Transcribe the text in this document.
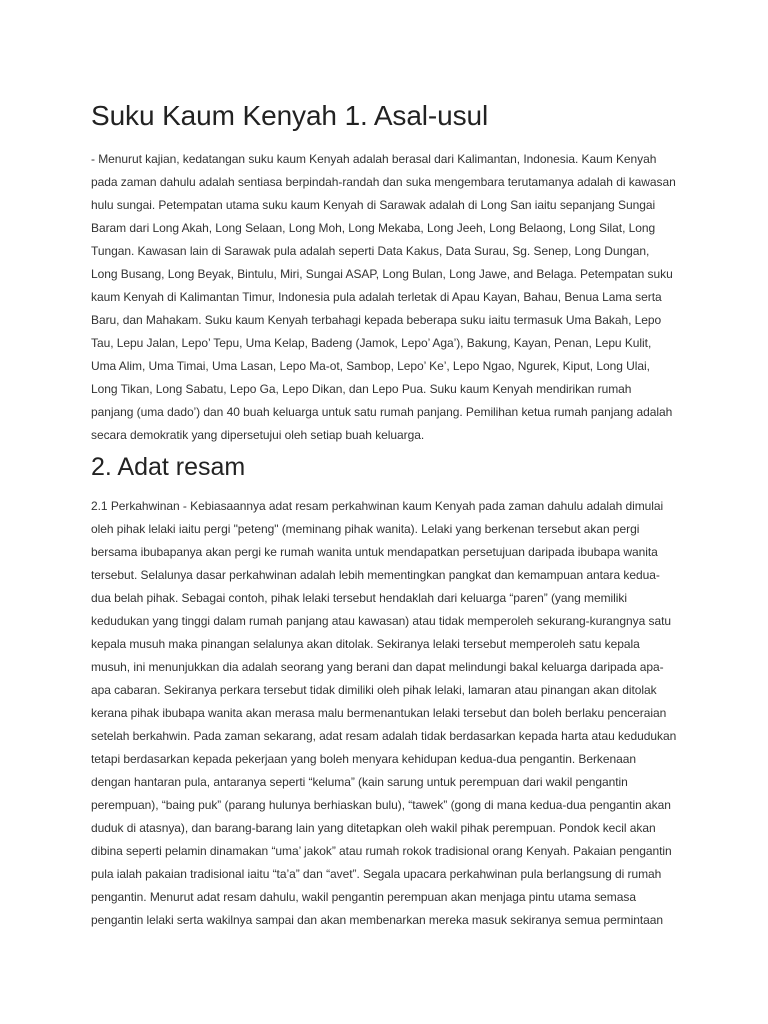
Suku Kaum Kenyah 1. Asal-usul

- Menurut kajian, kedatangan suku kaum Kenyah adalah berasal dari Kalimantan, Indonesia. Kaum Kenyah pada zaman dahulu adalah sentiasa berpindah-randah dan suka mengembara terutamanya adalah di kawasan hulu sungai. Petempatan utama suku kaum Kenyah di Sarawak adalah di Long San iaitu sepanjang Sungai Baram dari Long Akah, Long Selaan, Long Moh, Long Mekaba, Long Jeeh, Long Belaong, Long Silat, Long Tungan. Kawasan lain di Sarawak pula adalah seperti Data Kakus, Data Surau, Sg. Senep, Long Dungan, Long Busang, Long Beyak, Bintulu, Miri, Sungai ASAP, Long Bulan, Long Jawe, and Belaga. Petempatan suku kaum Kenyah di Kalimantan Timur, Indonesia pula adalah terletak di Apau Kayan, Bahau, Benua Lama serta Baru, dan Mahakam. Suku kaum Kenyah terbahagi kepada beberapa suku iaitu termasuk Uma Bakah, Lepo Tau, Lepu Jalan, Lepo’ Tepu, Uma Kelap, Badeng (Jamok, Lepo’ Aga’), Bakung, Kayan, Penan, Lepu Kulit, Uma Alim, Uma Timai, Uma Lasan, Lepo Ma-ot, Sambop, Lepo’ Ke’, Lepo Ngao, Ngurek, Kiput, Long Ulai, Long Tikan, Long Sabatu, Lepo Ga, Lepo Dikan, dan Lepo Pua. Suku kaum Kenyah mendirikan rumah panjang (uma dado’) dan 40 buah keluarga untuk satu rumah panjang. Pemilihan ketua rumah panjang adalah secara demokratik yang dipersetujui oleh setiap buah keluarga.

2. Adat resam

2.1 Perkahwinan - Kebiasaannya adat resam perkahwinan kaum Kenyah pada zaman dahulu adalah dimulai oleh pihak lelaki iaitu pergi "peteng" (meminang pihak wanita). Lelaki yang berkenan tersebut akan pergi bersama ibubapanya akan pergi ke rumah wanita untuk mendapatkan persetujuan daripada ibubapa wanita tersebut. Selalunya dasar perkahwinan adalah lebih mementingkan pangkat dan kemampuan antara kedua-dua belah pihak. Sebagai contoh, pihak lelaki tersebut hendaklah dari keluarga “paren” (yang memiliki kedudukan yang tinggi dalam rumah panjang atau kawasan) atau tidak memperoleh sekurang-kurangnya satu kepala musuh maka pinangan selalunya akan ditolak. Sekiranya lelaki tersebut memperoleh satu kepala musuh, ini menunjukkan dia adalah seorang yang berani dan dapat melindungi bakal keluarga daripada apa-apa cabaran. Sekiranya perkara tersebut tidak dimiliki oleh pihak lelaki, lamaran atau pinangan akan ditolak kerana pihak ibubapa wanita akan merasa malu bermenantukan lelaki tersebut dan boleh berlaku penceraian setelah berkahwin. Pada zaman sekarang, adat resam adalah tidak berdasarkan kepada harta atau kedudukan tetapi berdasarkan kepada pekerjaan yang boleh menyara kehidupan kedua-dua pengantin. Berkenaan dengan hantaran pula, antaranya seperti “keluma” (kain sarung untuk perempuan dari wakil pengantin perempuan), “baing puk” (parang hulunya berhiaskan bulu), “tawek” (gong di mana kedua-dua pengantin akan duduk di atasnya), dan barang-barang lain yang ditetapkan oleh wakil pihak perempuan. Pondok kecil akan dibina seperti pelamin dinamakan “uma’ jakok” atau rumah rokok tradisional orang Kenyah. Pakaian pengantin pula ialah pakaian tradisional iaitu “ta’a” dan “avet”. Segala upacara perkahwinan pula berlangsung di rumah pengantin. Menurut adat resam dahulu, wakil pengantin perempuan akan menjaga pintu utama semasa pengantin lelaki serta wakilnya sampai dan akan membenarkan mereka masuk sekiranya semua permintaan
